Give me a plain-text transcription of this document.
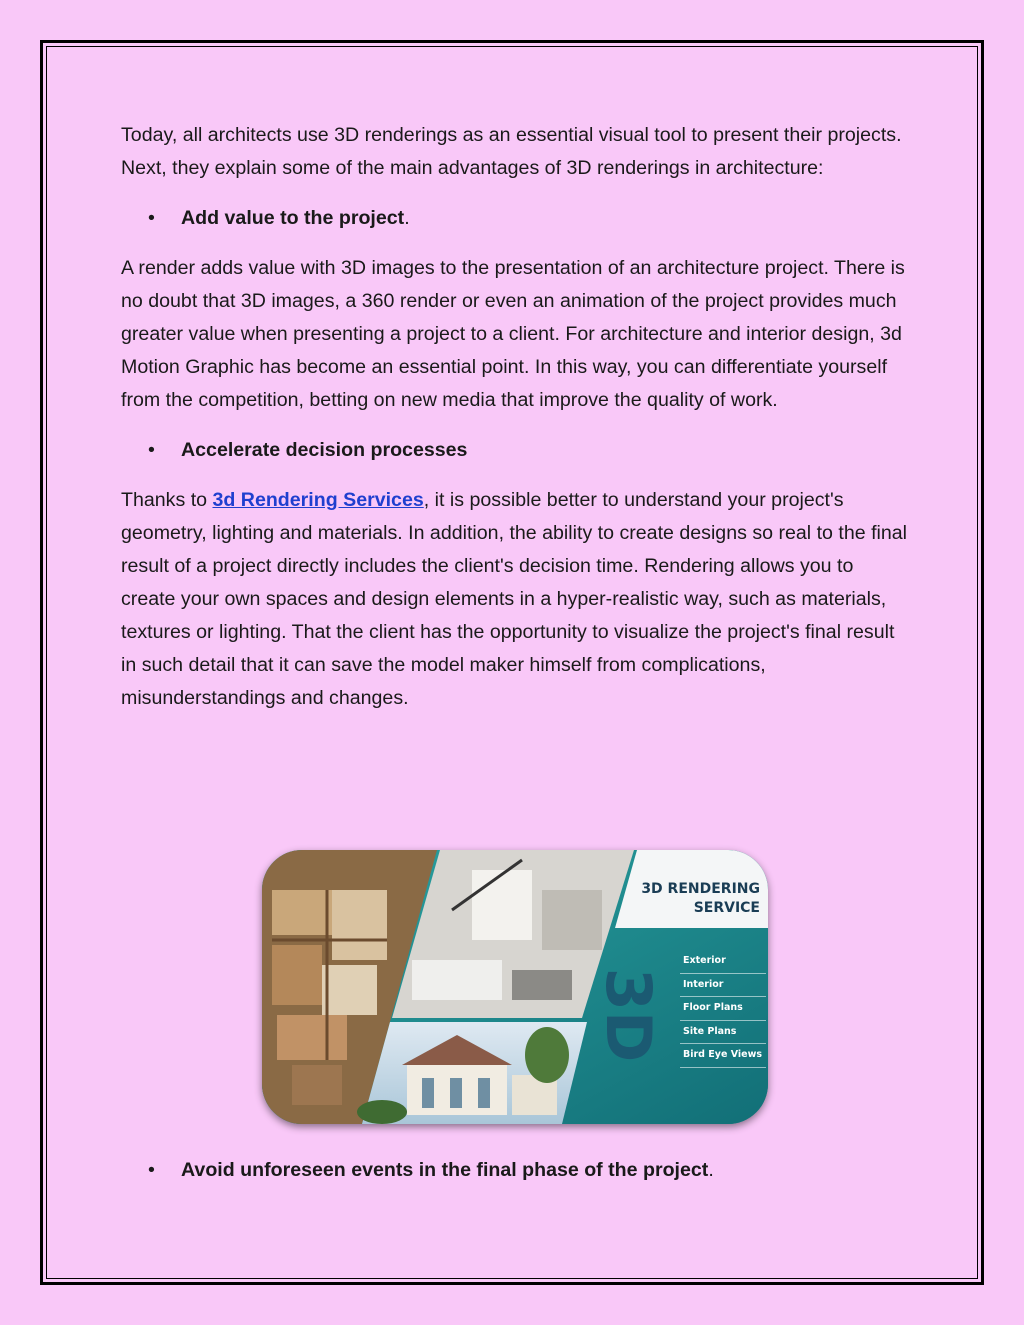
Today, all architects use 3D renderings as an essential visual tool to present their projects. Next, they explain some of the main advantages of 3D renderings in architecture:

• Add value to the project.

A render adds value with 3D images to the presentation of an architecture project. There is no doubt that 3D images, a 360 render or even an animation of the project provides much greater value when presenting a project to a client. For architecture and interior design, 3d Motion Graphic has become an essential point. In this way, you can differentiate yourself from the competition, betting on new media that improve the quality of work.

• Accelerate decision processes

Thanks to 3d Rendering Services, it is possible better to understand your project's geometry, lighting and materials. In addition, the ability to create designs so real to the final result of a project directly includes the client's decision time. Rendering allows you to create your own spaces and design elements in a hyper-realistic way, such as materials, textures or lighting. That the client has the opportunity to visualize the project's final result in such detail that it can save the model maker himself from complications, misunderstandings and changes.

3D
3D RENDERING
SERVICE
Exterior
Interior
Floor Plans
Site Plans
Bird Eye Views
• Avoid unforeseen events in the final phase of the project.
